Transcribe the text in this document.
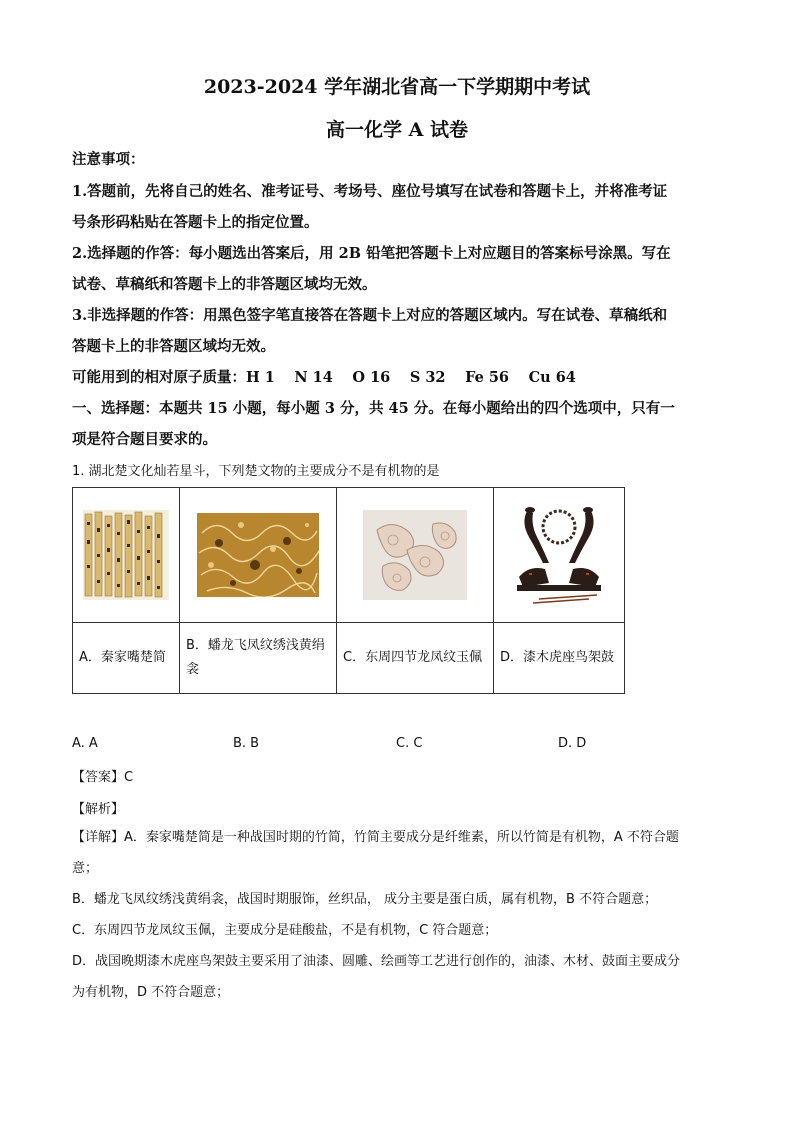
2023-2024 学年湖北省高一下学期期中考试
高一化学 A 试卷
注意事项：
1.答题前，先将自己的姓名、准考证号、考场号、座位号填写在试卷和答题卡上，并将准考证
号条形码粘贴在答题卡上的指定位置。
2.选择题的作答：每小题选出答案后，用 2B 铅笔把答题卡上对应题目的答案标号涂黑。写在
试卷、草稿纸和答题卡上的非答题区域均无效。
3.非选择题的作答：用黑色签字笔直接答在答题卡上对应的答题区域内。写在试卷、草稿纸和
答题卡上的非答题区域均无效。
可能用到的相对原子质量：H 1　 N 14　 O 16　 S 32　 Fe 56　 Cu 64
一、选择题：本题共 15 小题，每小题 3 分，共 45 分。在每小题给出的四个选项中，只有一
项是符合题目要求的。
1. 湖北楚文化灿若星斗，下列楚文物的主要成分不是有机物的是

A．秦家嘴楚简	B．蟠龙飞凤纹绣浅黄绢衾	C．东周四节龙凤纹玉佩	D．漆木虎座鸟架鼓
A. A	B. B	C. C	D. D
【答案】C
【解析】
【详解】A．秦家嘴楚简是一种战国时期的竹简，竹简主要成分是纤维素，所以竹简是有机物，A 不符合题
意；
B．蟠龙飞凤纹绣浅黄绢衾，战国时期服饰，丝织品， 成分主要是蛋白质，属有机物，B 不符合题意；
C．东周四节龙凤纹玉佩，主要成分是硅酸盐，不是有机物，C 符合题意；
D．战国晚期漆木虎座鸟架鼓主要采用了油漆、圆雕、绘画等工艺进行创作的，油漆、木材、鼓面主要成分
为有机物，D 不符合题意；
